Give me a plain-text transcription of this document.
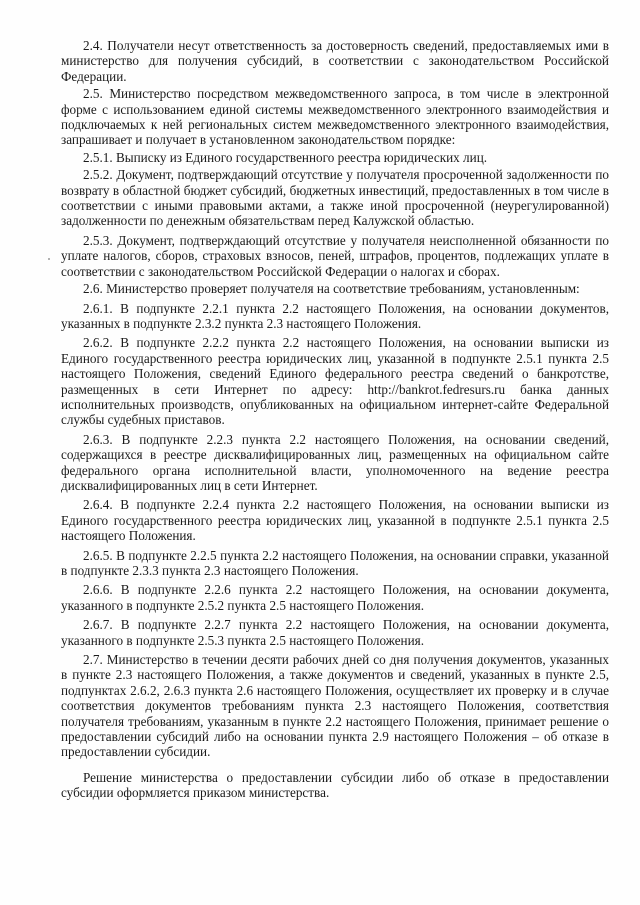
2.4. Получатели несут ответственность за достоверность сведений, предоставляемых ими в министерство для получения субсидий, в соответствии с законодательством Российской Федерации.

2.5. Министерство посредством межведомственного запроса, в том числе в электронной форме с использованием единой системы межведомственного электронного взаимодействия и подключаемых к ней региональных систем межведомственного электронного взаимодействия, запрашивает и получает в установленном законодательством порядке:

2.5.1. Выписку из Единого государственного реестра юридических лиц.

2.5.2. Документ, подтверждающий отсутствие у получателя просроченной задолженности по возврату в областной бюджет субсидий, бюджетных инвестиций, предоставленных в том числе в соответствии с иными правовыми актами, а также иной просроченной (неурегулированной) задолженности по денежным обязательствам перед Калужской областью.

2.5.3. Документ, подтверждающий отсутствие у получателя неисполненной обязанности по уплате налогов, сборов, страховых взносов, пеней, штрафов, процентов, подлежащих уплате в соответствии с законодательством Российской Федерации о налогах и сборах.

2.6. Министерство проверяет получателя на соответствие требованиям, установленным:

2.6.1. В подпункте 2.2.1 пункта 2.2 настоящего Положения, на основании документов, указанных в подпункте 2.3.2 пункта 2.3 настоящего Положения.

2.6.2. В подпункте 2.2.2 пункта 2.2 настоящего Положения, на основании выписки из Единого государственного реестра юридических лиц, указанной в подпункте 2.5.1 пункта 2.5 настоящего Положения, сведений Единого федерального реестра сведений о банкротстве, размещенных в сети Интернет по адресу: http://bankrot.fedresurs.ru банка данных исполнительных производств, опубликованных на официальном интернет-сайте Федеральной службы судебных приставов.

2.6.3. В подпункте 2.2.3 пункта 2.2 настоящего Положения, на основании сведений, содержащихся в реестре дисквалифицированных лиц, размещенных на официальном сайте федерального органа исполнительной власти, уполномоченного на ведение реестра дисквалифицированных лиц в сети Интернет.

2.6.4. В подпункте 2.2.4 пункта 2.2 настоящего Положения, на основании выписки из Единого государственного реестра юридических лиц, указанной в подпункте 2.5.1 пункта 2.5 настоящего Положения.

2.6.5. В подпункте 2.2.5 пункта 2.2 настоящего Положения, на основании справки, указанной в подпункте 2.3.3 пункта 2.3 настоящего Положения.

2.6.6. В подпункте 2.2.6 пункта 2.2 настоящего Положения, на основании документа, указанного в подпункте 2.5.2 пункта 2.5 настоящего Положения.

2.6.7. В подпункте 2.2.7 пункта 2.2 настоящего Положения, на основании документа, указанного в подпункте 2.5.3 пункта 2.5 настоящего Положения.

2.7. Министерство в течении десяти рабочих дней со дня получения документов, указанных в пункте 2.3 настоящего Положения, а также документов и сведений, указанных в пункте 2.5, подпунктах 2.6.2, 2.6.3 пункта 2.6 настоящего Положения, осуществляет их проверку и в случае соответствия документов требованиям пункта 2.3 настоящего Положения, соответствия получателя требованиям, указанным в пункте 2.2 настоящего Положения, принимает решение о предоставлении субсидий либо на основании пункта 2.9 настоящего Положения – об отказе в предоставлении субсидии.

Решение министерства о предоставлении субсидии либо об отказе в предоставлении субсидии оформляется приказом министерства.
